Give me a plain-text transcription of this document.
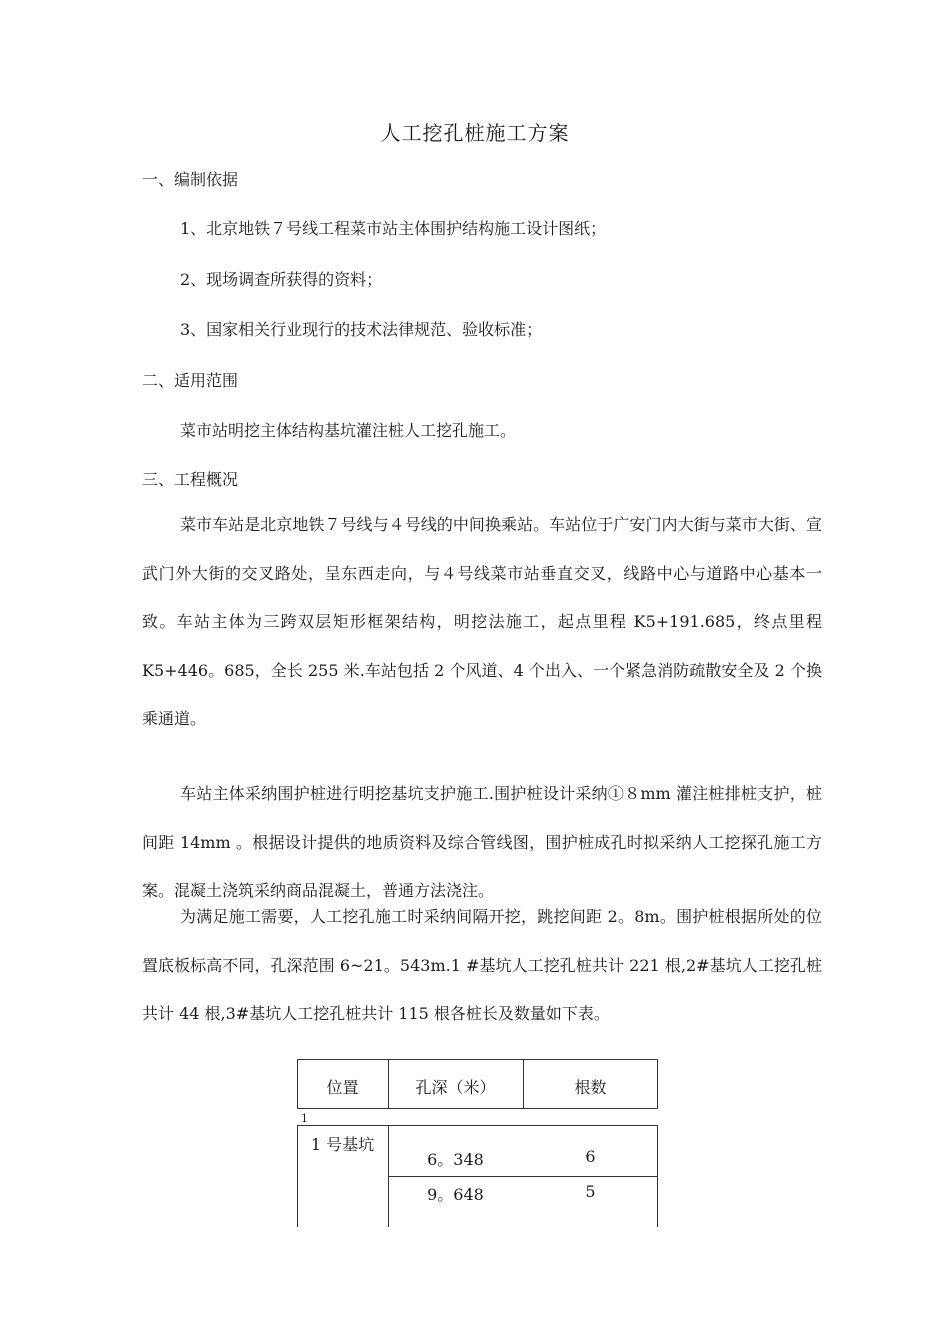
人工挖孔桩施工方案
一、编制依据
1、北京地铁７号线工程菜市站主体围护结构施工设计图纸；
2、现场调查所获得的资料；
3、国家相关行业现行的技术法律规范、验收标准；
二、适用范围
菜市站明挖主体结构基坑灌注桩人工挖孔施工。
三、工程概况

菜市车站是北京地铁７号线与４号线的中间换乘站。车站位于广安门内大街与菜市大街、宣武门外大街的交叉路处，呈东西走向，与４号线菜市站垂直交叉，线路中心与道路中心基本一致。车站主体为三跨双层矩形框架结构，明挖法施工，起点里程 K5+191.685，终点里程 K5+446。685，全长 255 米.车站包括 2 个风道、4 个出入、一个紧急消防疏散安全及 2 个换乘通道。

车站主体采纳围护桩进行明挖基坑支护施工.围护桩设计采纳①８mm 灌注桩排桩支护，桩间距 14mm 。根据设计提供的地质资料及综合管线图，围护桩成孔时拟采纳人工挖探孔施工方案。混凝土浇筑采纳商品混凝土，普通方法浇注。

为满足施工需要，人工挖孔施工时采纳间隔开挖，跳挖间距 2。8m。围护桩根据所处的位置底板标高不同，孔深范围 6~21。543m.1 #基坑人工挖孔桩共计 221 根,2#基坑人工挖孔桩共计 44 根,3#基坑人工挖孔桩共计 115 根各桩长及数量如下表。

1
位置	孔深（米）	根数
1 号基坑
6。348	6
9。648	5
